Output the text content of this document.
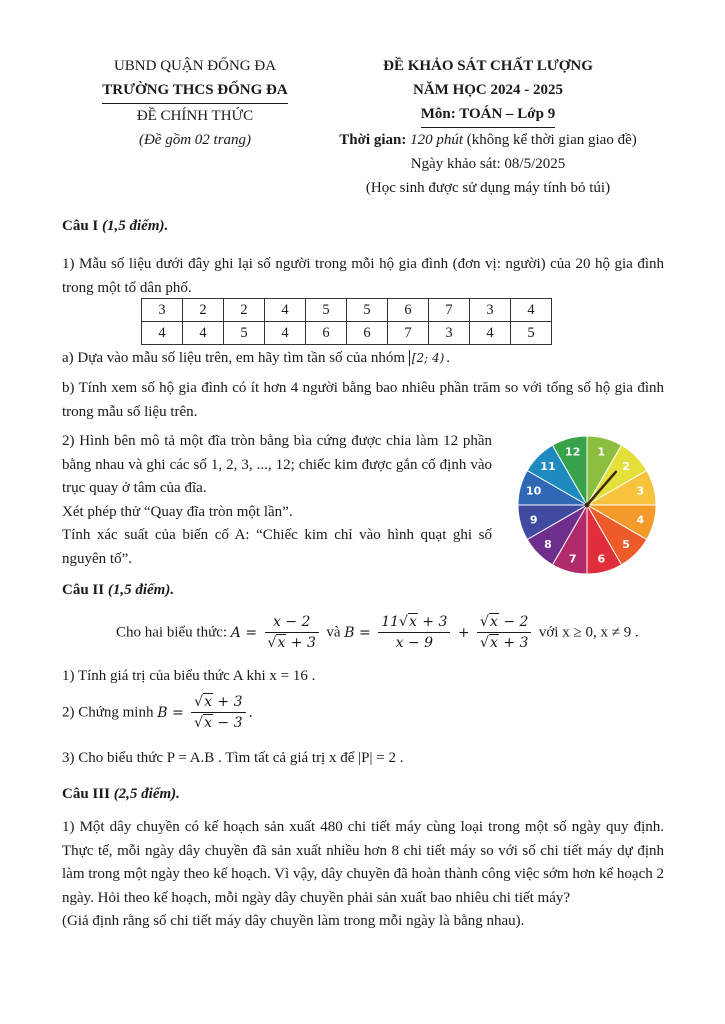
UBND QUẬN ĐỐNG ĐA
TRƯỜNG THCS ĐỐNG ĐA
ĐỀ CHÍNH THỨC
(Đề gồm 02 trang)
ĐỀ KHẢO SÁT CHẤT LƯỢNG
NĂM HỌC 2024 - 2025
Môn: TOÁN – Lớp 9
Thời gian: 120 phút (không kể thời gian giao đề)
Ngày khảo sát: 08/5/2025
(Học sinh được sử dụng máy tính bỏ túi)
Câu I (1,5 điểm).
1) Mẫu số liệu dưới đây ghi lại số người trong mỗi hộ gia đình (đơn vị: người) của 20 hộ gia đình trong một tổ dân phố.
3	2	2	4	5	5	6	7	3	4
4	4	5	4	6	6	7	3	4	5
a) Dựa vào mẫu số liệu trên, em hãy tìm tần số của nhóm [2; 4) .
b) Tính xem số hộ gia đình có ít hơn 4 người bằng bao nhiêu phần trăm so với tổng số hộ gia đình trong mẫu số liệu trên.
2) Hình bên mô tả một đĩa tròn bằng bìa cứng được chia làm 12 phần bằng nhau và ghi các số 1, 2, 3, ..., 12; chiếc kim được gắn cố định vào trục quay ở tâm của đĩa.
Xét phép thử “Quay đĩa tròn một lần”.
Tính xác suất của biến cố A: “Chiếc kim chỉ vào hình quạt ghi số nguyên tố”.
1
2
3
4
5
6
7
8
9
10
11
12
Câu II (1,5 điểm).
Cho hai biểu thức: $A = \frac{x - 2}{√x + 3}$ và $B = \frac{11√x + 3}{x - 9} + \frac{√x - 2}{√x + 3}$ với x ≥ 0, x ≠ 9 .
1) Tính giá trị của biểu thức A khi x = 16 .
2) Chứng minh $B = \frac{√x + 3}{√x - 3}$ .
3) Cho biểu thức P = A.B . Tìm tất cả giá trị x để |P| = 2 .
Câu III (2,5 điểm).
1) Một dây chuyền có kế hoạch sản xuất 480 chi tiết máy cùng loại trong một số ngày quy định. Thực tế, mỗi ngày dây chuyền đã sản xuất nhiều hơn 8 chi tiết máy so với số chi tiết máy dự định làm trong một ngày theo kế hoạch. Vì vậy, dây chuyền đã hoàn thành công việc sớm hơn kế hoạch 2 ngày. Hỏi theo kế hoạch, mỗi ngày dây chuyền phải sản xuất bao nhiêu chi tiết máy?
(Giả định rằng số chi tiết máy dây chuyền làm trong mỗi ngày là bằng nhau).
